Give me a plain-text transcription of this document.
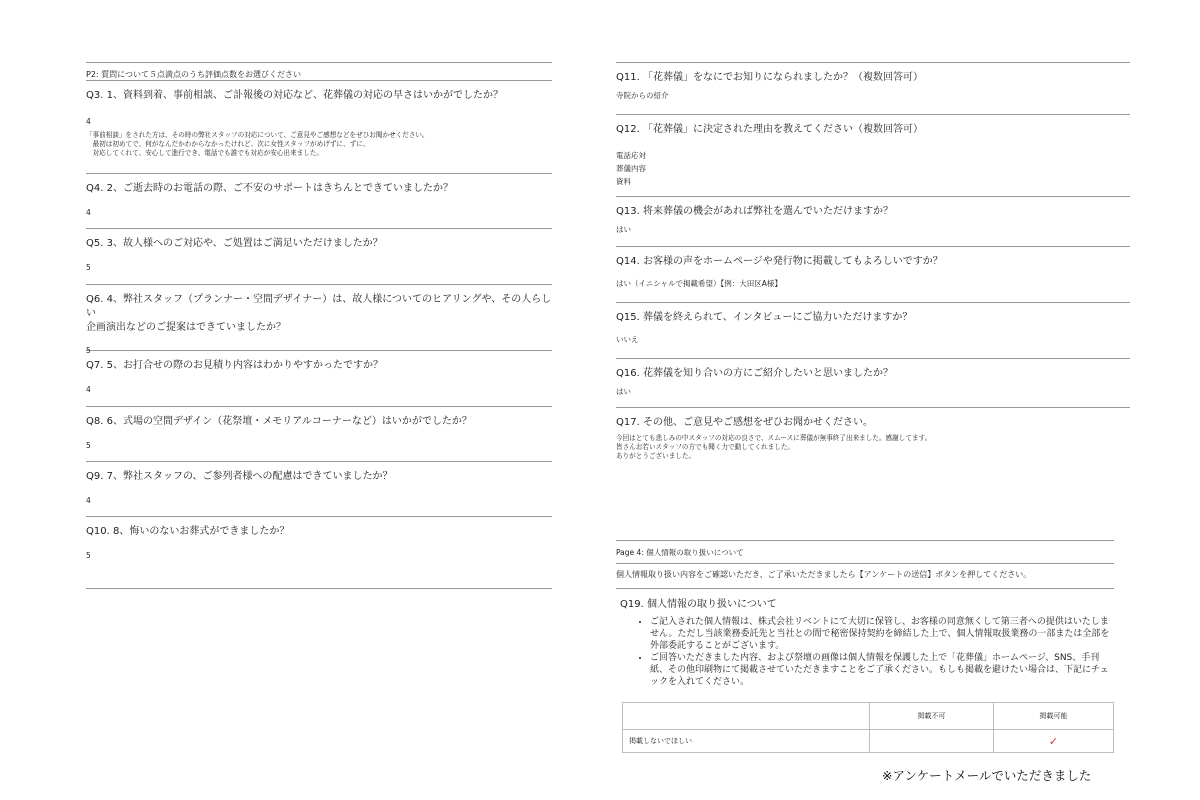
P2: 質問について５点満点のうち評価点数をお選びください
Q3. 1、資料到着、事前相談、ご訃報後の対応など、花葬儀の対応の早さはいかがでしたか？
4
「事前相談」をされた方は、その時の弊社スタッフの対応について、ご意見やご感想などをぜひお聞かせください。
　最初は初めてで、何がなんだかわからなかったけれど、次に女性スタッフがめげずに、ずに、
　対応してくれて、安心して進行でき、電話でも誰でも対応が安心出来ました。
Q4. 2、ご逝去時のお電話の際、ご不安のサポートはきちんとできていましたか？
4
Q5. 3、故人様へのご対応や、ご処置はご満足いただけましたか？
5
Q6. 4、弊社スタッフ（プランナー・空間デザイナー）は、故人様についてのヒアリングや、その人らしい
企画演出などのご提案はできていましたか？
5
Q7. 5、お打合せの際のお見積り内容はわかりやすかったですか？
4
Q8. 6、式場の空間デザイン（花祭壇・メモリアルコーナーなど）はいかがでしたか？
5
Q9. 7、弊社スタッフの、ご参列者様への配慮はできていましたか？
4
Q10. 8、悔いのないお葬式ができましたか？
5
Q11. 「花葬儀」をなにでお知りになられましたか？（複数回答可）
寺院からの紹介
Q12. 「花葬儀」に決定された理由を教えてください（複数回答可）
電話応対
葬儀内容
資料
Q13. 将来葬儀の機会があれば弊社を選んでいただけますか？
はい
Q14. お客様の声をホームページや発行物に掲載してもよろしいですか？
はい（イニシャルで掲載希望）【例：大田区A様】
Q15. 葬儀を終えられて、インタビューにご協力いただけますか？
いいえ
Q16. 花葬儀を知り合いの方にご紹介したいと思いましたか？
はい
Q17. その他、ご意見やご感想をぜひお聞かせください。
今回はとても悲しみの中スタッフの対応の良さで、スムースに葬儀が無事終了出来ました。感謝してます。
皆さんお若いスタッフの方でも聞く力で動してくれました。
ありがとうございました。
Page 4: 個人情報の取り扱いについて
個人情報取り扱い内容をご確認いただき、ご了承いただきましたら【アンケートの送信】ボタンを押してください。
Q19. 個人情報の取り扱いについて
• ご記入された個人情報は、株式会社リベントにて大切に保管し、お客様の同意無くして第三者への提供はいたしません。ただし当該業務委託先と当社との間で秘密保持契約を締結した上で、個人情報取扱業務の一部または全部を外部委託することがございます。
• ご回答いただきました内容、および祭壇の画像は個人情報を保護した上で「花葬儀」ホームページ、SNS、手刊紙、その他印刷物にて掲載させていただきますことをご了承ください。もしも掲載を避けたい場合は、下記にチェックを入れてください。
	掲載不可	掲載可能
掲載しないでほしい		✓
※アンケートメールでいただきました
